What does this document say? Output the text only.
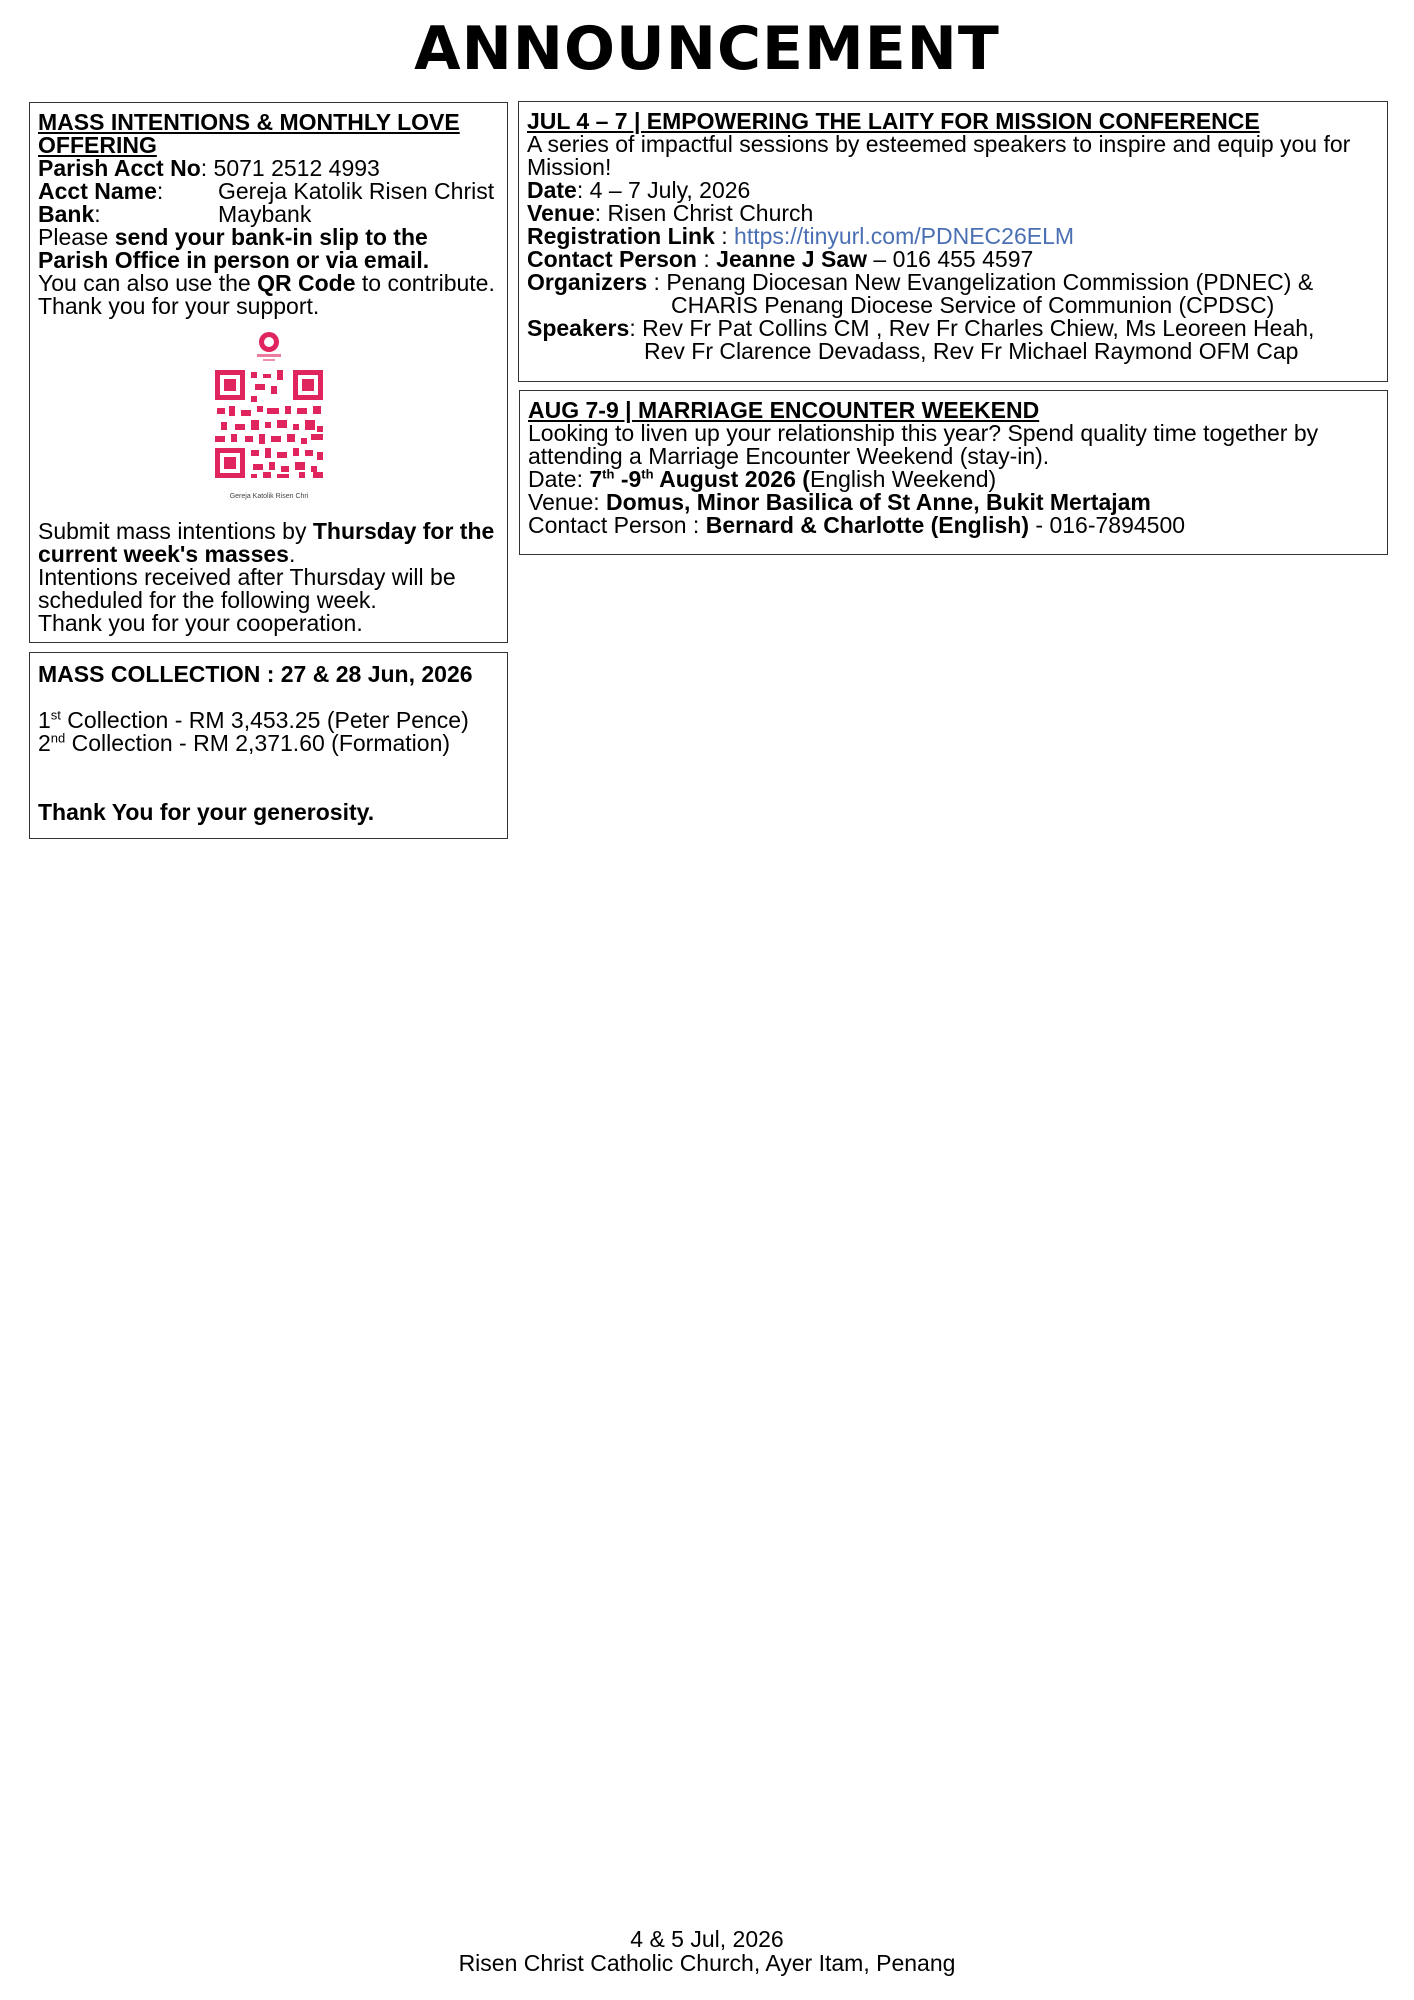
ANNOUNCEMENT
MASS INTENTIONS & MONTHLY LOVE OFFERING
Parish Acct No : 5071 2512 4993
Acct Name:	Gereja Katolik Risen Christ
Bank:	Maybank
Please send your bank-in slip to the Parish Office in person or via email.
You can also use the QR Code to contribute. Thank you for your support.
Gereja Katolik Risen Chri
Submit mass intentions by Thursday for the current week's masses.
Intentions received after Thursday will be scheduled for the following week.
Thank you for your cooperation.
MASS COLLECTION : 27 & 28 Jun, 2026
1st Collection - RM 3,453.25 (Peter Pence)
2nd Collection - RM 2,371.60 (Formation)
Thank You for your generosity.
JUL 4 – 7 | EMPOWERING THE LAITY FOR MISSION CONFERENCE
A series of impactful sessions by esteemed speakers to inspire and equip you for Mission!
Date: 4 – 7 July, 2026
Venue: Risen Christ Church
Registration Link : https://tinyurl.com/PDNEC26ELM
Contact Person : Jeanne J Saw – 016 455 4597
Organizers : Penang Diocesan New Evangelization Commission (PDNEC) &
CHARIS Penang Diocese Service of Communion (CPDSC)
Speakers: Rev Fr Pat Collins CM , Rev Fr Charles Chiew, Ms Leoreen Heah,
Rev Fr Clarence Devadass, Rev Fr Michael Raymond OFM Cap
AUG 7-9 | MARRIAGE ENCOUNTER WEEKEND
Looking to liven up your relationship this year? Spend quality time together by attending a Marriage Encounter Weekend (stay-in).
Date: 7th -9th August 2026 (English Weekend)
Venue: Domus, Minor Basilica of St Anne, Bukit Mertajam
Contact Person : Bernard & Charlotte (English) - 016-7894500
4 & 5 Jul, 2026
Risen Christ Catholic Church, Ayer Itam, Penang
